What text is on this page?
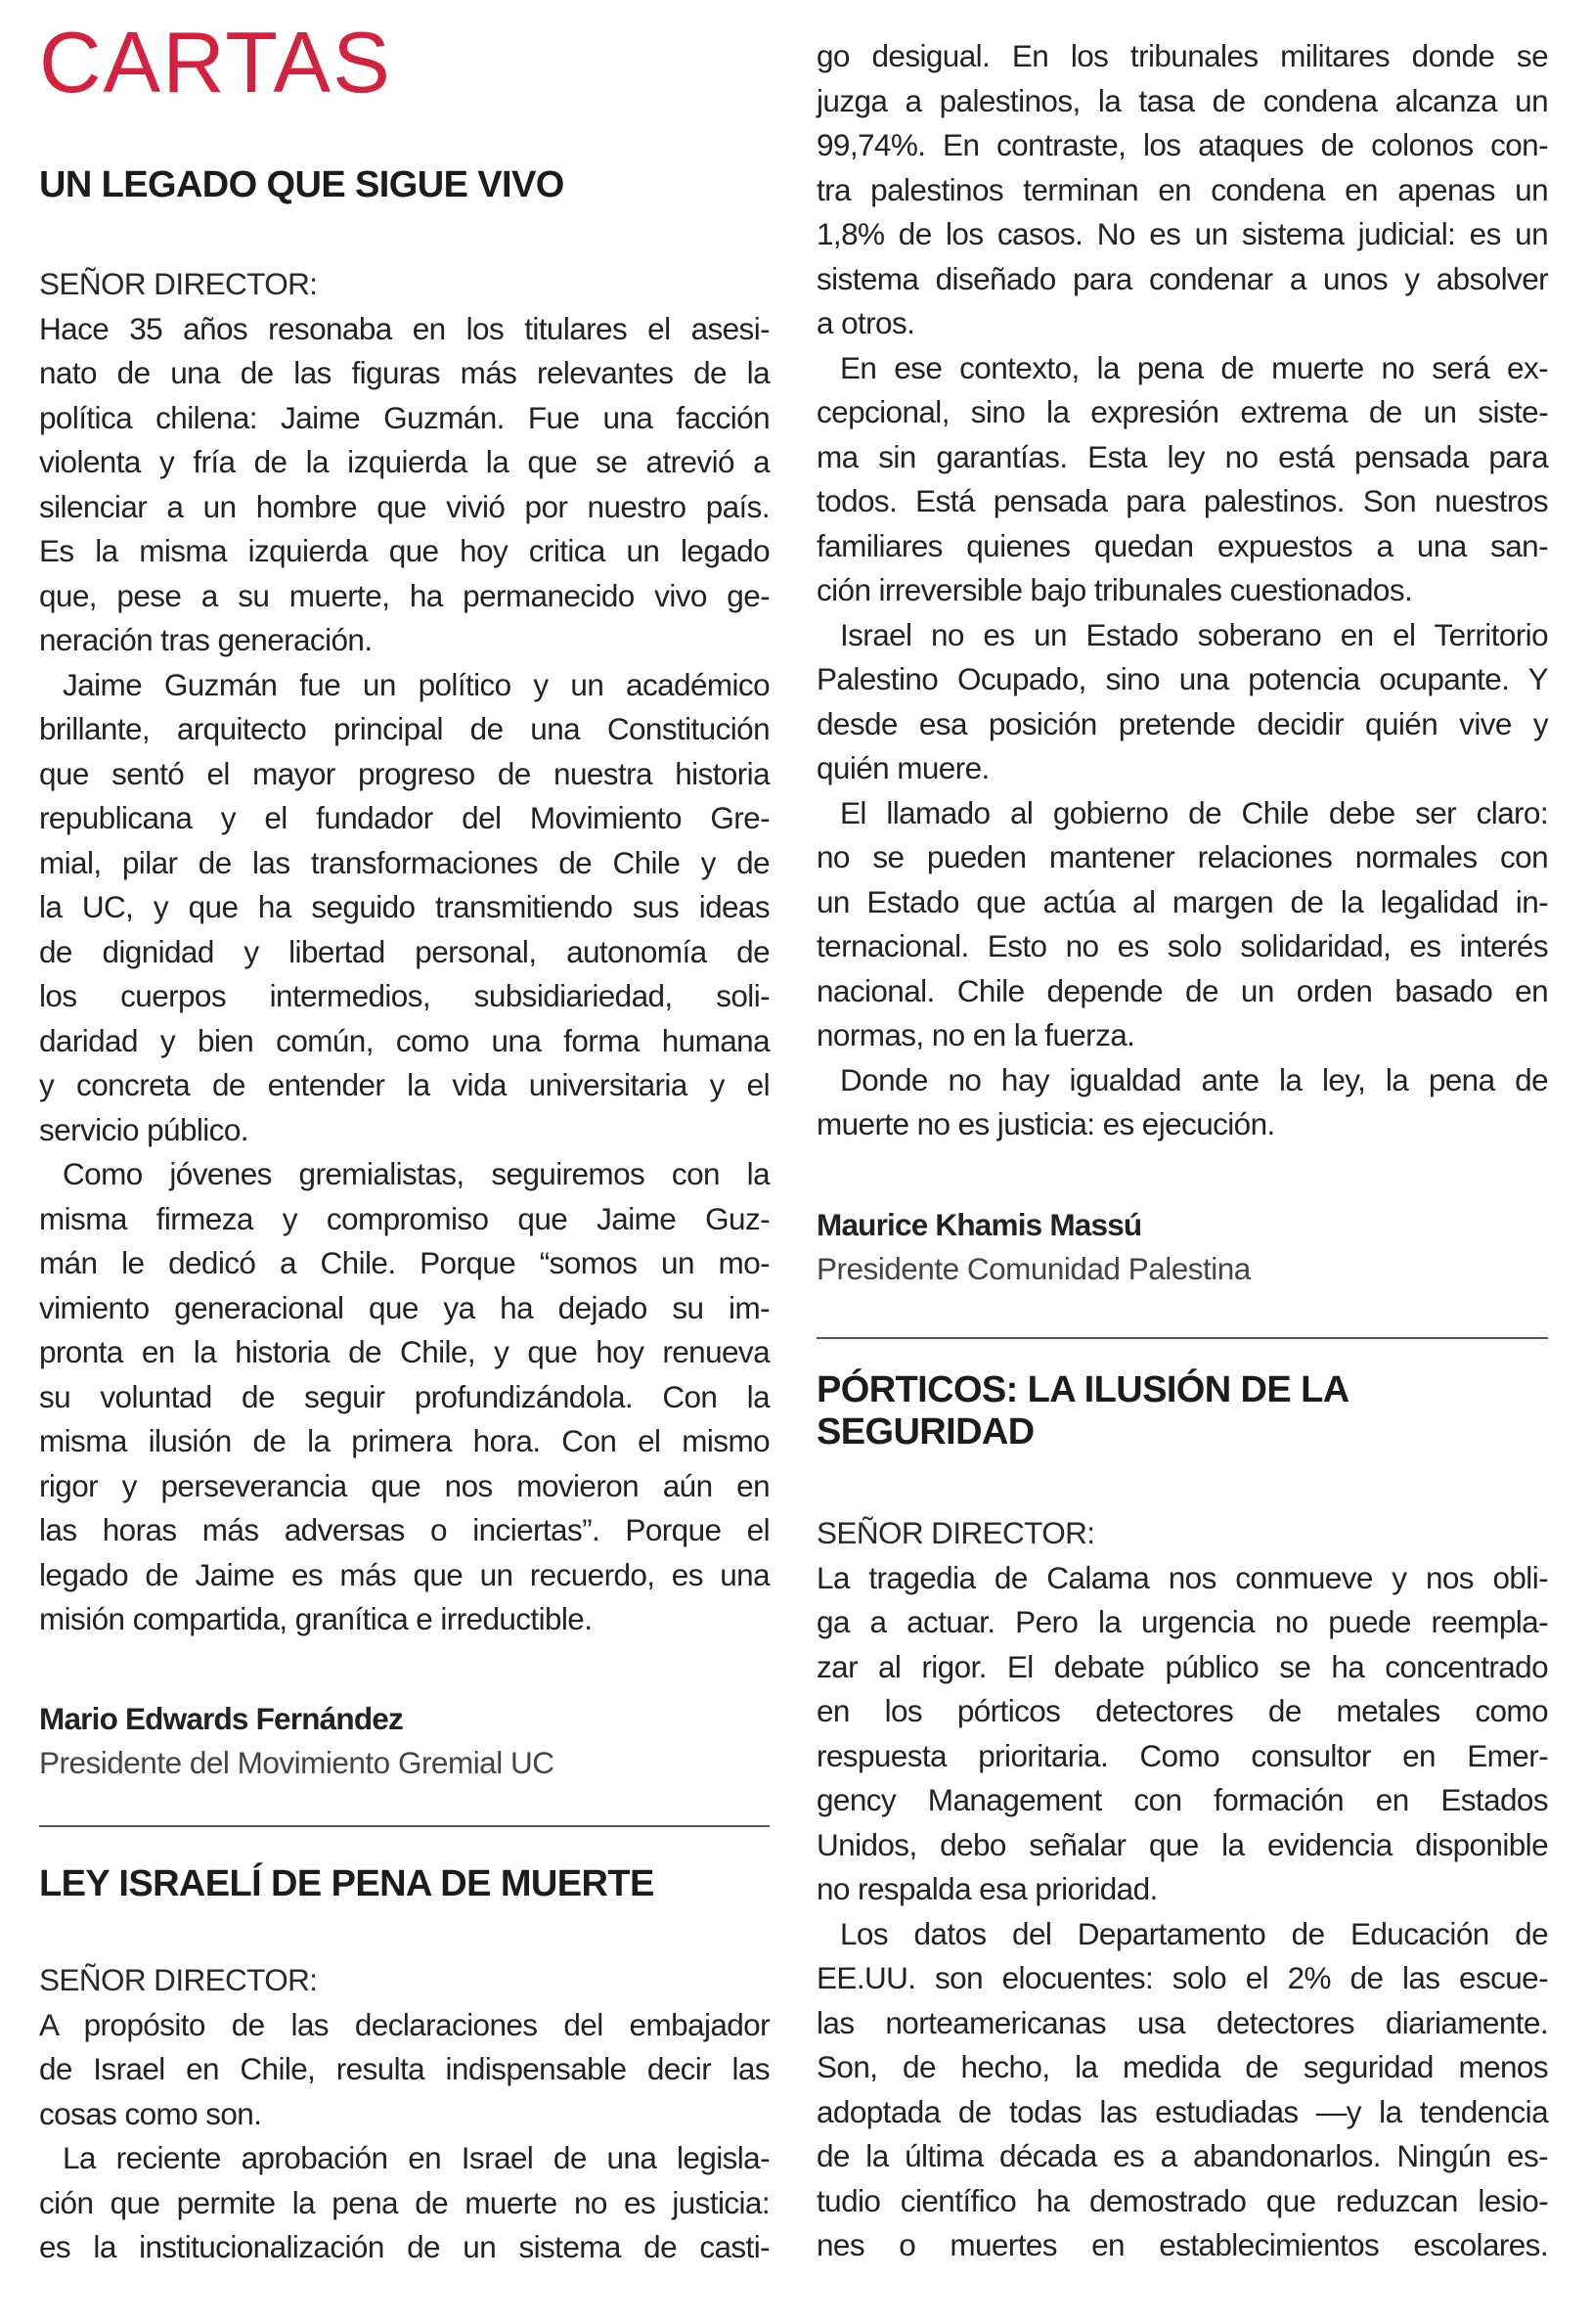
CARTAS
UN LEGADO QUE SIGUE VIVO
SEÑOR DIRECTOR:
Hace 35 años resonaba en los titulares el asesi-
nato de una de las figuras más relevantes de la
política chilena: Jaime Guzmán. Fue una facción
violenta y fría de la izquierda la que se atrevió a
silenciar a un hombre que vivió por nuestro país.
Es la misma izquierda que hoy critica un legado
que, pese a su muerte, ha permanecido vivo ge-
neración tras generación.
Jaime Guzmán fue un político y un académico
brillante, arquitecto principal de una Constitución
que sentó el mayor progreso de nuestra historia
republicana y el fundador del Movimiento Gre-
mial, pilar de las transformaciones de Chile y de
la UC, y que ha seguido transmitiendo sus ideas
de dignidad y libertad personal, autonomía de
los cuerpos intermedios, subsidiariedad, soli-
daridad y bien común, como una forma humana
y concreta de entender la vida universitaria y el
servicio público.
Como jóvenes gremialistas, seguiremos con la
misma firmeza y compromiso que Jaime Guz-
mán le dedicó a Chile. Porque “somos un mo-
vimiento generacional que ya ha dejado su im-
pronta en la historia de Chile, y que hoy renueva
su voluntad de seguir profundizándola. Con la
misma ilusión de la primera hora. Con el mismo
rigor y perseverancia que nos movieron aún en
las horas más adversas o inciertas”. Porque el
legado de Jaime es más que un recuerdo, es una
misión compartida, granítica e irreductible.
Mario Edwards Fernández
Presidente del Movimiento Gremial UC
LEY ISRAELÍ DE PENA DE MUERTE
SEÑOR DIRECTOR:
A propósito de las declaraciones del embajador
de Israel en Chile, resulta indispensable decir las
cosas como son.
La reciente aprobación en Israel de una legisla-
ción que permite la pena de muerte no es justicia:
es la institucionalización de un sistema de casti-
go desigual. En los tribunales militares donde se
juzga a palestinos, la tasa de condena alcanza un
99,74%. En contraste, los ataques de colonos con-
tra palestinos terminan en condena en apenas un
1,8% de los casos. No es un sistema judicial: es un
sistema diseñado para condenar a unos y absolver
a otros.
En ese contexto, la pena de muerte no será ex-
cepcional, sino la expresión extrema de un siste-
ma sin garantías. Esta ley no está pensada para
todos. Está pensada para palestinos. Son nuestros
familiares quienes quedan expuestos a una san-
ción irreversible bajo tribunales cuestionados.
Israel no es un Estado soberano en el Territorio
Palestino Ocupado, sino una potencia ocupante. Y
desde esa posición pretende decidir quién vive y
quién muere.
El llamado al gobierno de Chile debe ser claro:
no se pueden mantener relaciones normales con
un Estado que actúa al margen de la legalidad in-
ternacional. Esto no es solo solidaridad, es interés
nacional. Chile depende de un orden basado en
normas, no en la fuerza.
Donde no hay igualdad ante la ley, la pena de
muerte no es justicia: es ejecución.
Maurice Khamis Massú
Presidente Comunidad Palestina
PÓRTICOS: LA ILUSIÓN DE LA
SEGURIDAD
SEÑOR DIRECTOR:
La tragedia de Calama nos conmueve y nos obli-
ga a actuar. Pero la urgencia no puede reempla-
zar al rigor. El debate público se ha concentrado
en los pórticos detectores de metales como
respuesta prioritaria. Como consultor en Emer-
gency Management con formación en Estados
Unidos, debo señalar que la evidencia disponible
no respalda esa prioridad.
Los datos del Departamento de Educación de
EE.UU. son elocuentes: solo el 2% de las escue-
las norteamericanas usa detectores diariamente.
Son, de hecho, la medida de seguridad menos
adoptada de todas las estudiadas —y la tendencia
de la última década es a abandonarlos. Ningún es-
tudio científico ha demostrado que reduzcan lesio-
nes o muertes en establecimientos escolares.
